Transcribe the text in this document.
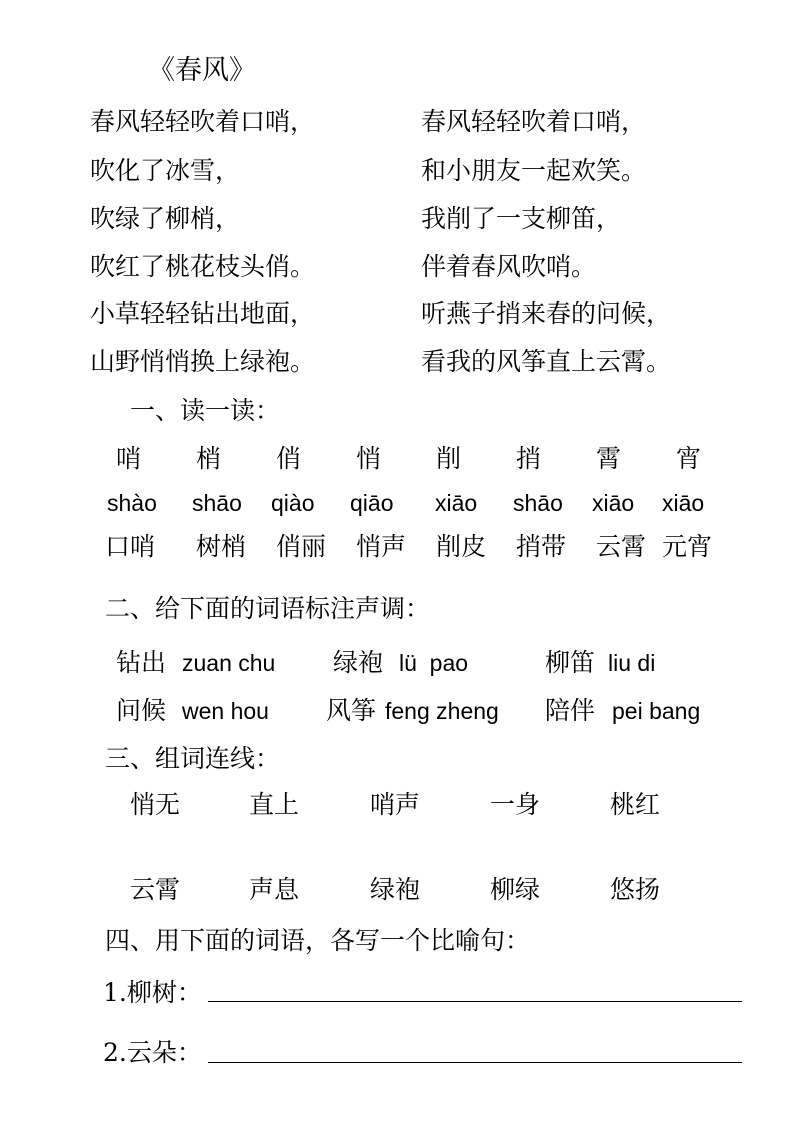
《春风》
春风轻轻吹着口哨，
吹化了冰雪，
吹绿了柳梢，
吹红了桃花枝头俏。
小草轻轻钻出地面，
山野悄悄换上绿袍。
春风轻轻吹着口哨，
和小朋友一起欢笑。
我削了一支柳笛，
伴着春风吹哨。
听燕子捎来春的问候，
看我的风筝直上云霄。
一、读一读：
哨 梢 俏 悄 削 捎 霄 宵
shào shāo qiào qiāo xiāo shāo xiāo xiāo
口哨 树梢 俏丽 悄声 削皮 捎带 云霄 元宵
二、给下面的词语标注声调：
钻出 zuan chu 绿袍 lü  pao	柳笛 liu di
问候 wen hou 风筝 feng zheng 陪伴 pei bang
三、组词连线：
悄无	直上	哨声	一身	桃红
云霄	声息	绿袍	柳绿	悠扬
四、用下面的词语，各写一个比喻句：
1.柳树：
2.云朵：
